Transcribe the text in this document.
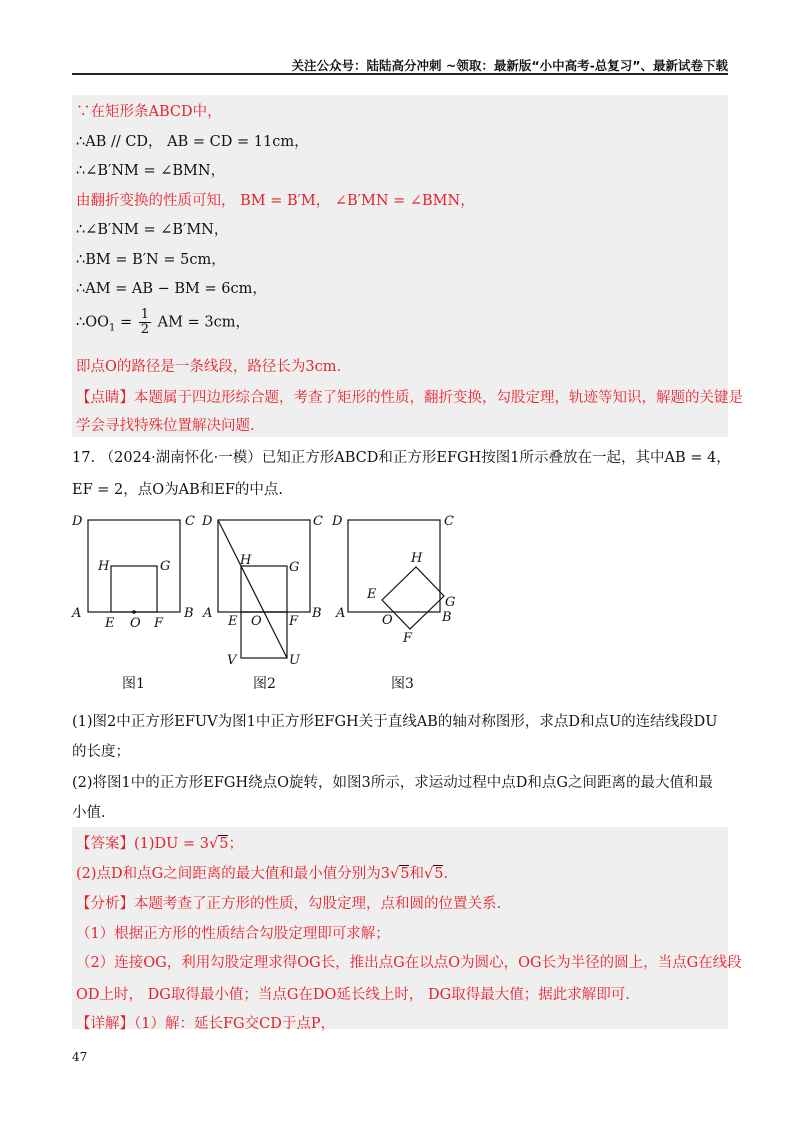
关注公众号：陆陆高分冲刺 ~领取：最新版“小中高考-总复习”、最新试卷下载
∵在矩形条ABCD中，
∴AB // CD， AB = CD = 11cm，
∴∠B′NM = ∠BMN，
由翻折变换的性质可知， BM = B′M， ∠B′MN = ∠BMN，
∴∠B′NM = ∠B′MN，
∴BM = B′N = 5cm，
∴AM = AB − BM = 6cm，
$\therefore OO_1 = \frac{1}{2}$ AM = 3cm，
即点O的路径是一条线段，路径长为3cm.
【点睛】本题属于四边形综合题，考查了矩形的性质，翻折变换，勾股定理，轨迹等知识，解题的关键是
学会寻找特殊位置解决问题.
17. （2024·湖南怀化·一模）已知正方形ABCD和正方形EFGH按图1所示叠放在一起，其中AB = 4，
EF = 2，点O为AB和EF的中点.
D	C
A	B
H	G
E O F
D	C
A	B
H	G
E O F
V	U
D	C
A	B
H
G
E
O
F
图1	图2	图3
(1)图2中正方形EFUV为图1中正方形EFGH关于直线AB的轴对称图形，求点D和点U的连结线段DU
的长度；
(2)将图1中的正方形EFGH绕点O旋转，如图3所示，求运动过程中点D和点G之间距离的最大值和最
小值.
【答案】(1)DU = 3√5；
(2)点D和点G之间距离的最大值和最小值分别为3√5和√5.
【分析】本题考查了正方形的性质，勾股定理，点和圆的位置关系.
（1）根据正方形的性质结合勾股定理即可求解；
（2）连接OG，利用勾股定理求得OG长，推出点G在以点O为圆心，OG长为半径的圆上，当点G在线段
OD上时， DG取得最小值；当点G在DO延长线上时， DG取得最大值；据此求解即可.
【详解】（1）解：延长FG交CD于点P，
47
